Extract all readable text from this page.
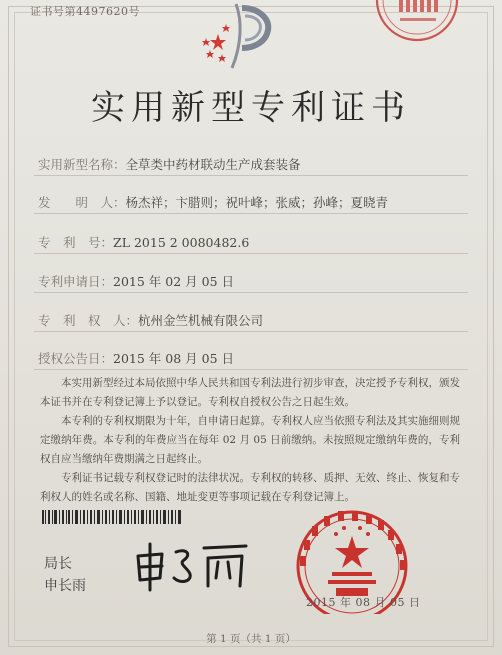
证书号第4497620号
实用新型专利证书
实用新型名称：全草类中药材联动生产成套装备
发　　明　人：杨杰祥；卞腊则；祝叶峰；张威；孙峰；夏晓青
专　利　号：ZL 2015 2 0080482.6
专利申请日：2015 年 02 月 05 日
专　利　权　人：杭州金竺机械有限公司
授权公告日：2015 年 08 月 05 日

本实用新型经过本局依照中华人民共和国专利法进行初步审查，决定授予专利权，颁发本证书并在专利登记簿上予以登记。专利权自授权公告之日起生效。

本专利的专利权期限为十年，自申请日起算。专利权人应当依照专利法及其实施细则规定缴纳年费。本专利的年费应当在每年 02 月 05 日前缴纳。未按照规定缴纳年费的，专利权自应当缴纳年费期满之日起终止。

专利证书记载专利权登记时的法律状况。专利权的转移、质押、无效、终止、恢复和专利权人的姓名或名称、国籍、地址变更等事项记载在专利登记簿上。

局长
申长雨
2015 年 08 月 05 日
第 1 页（共 1 页）
